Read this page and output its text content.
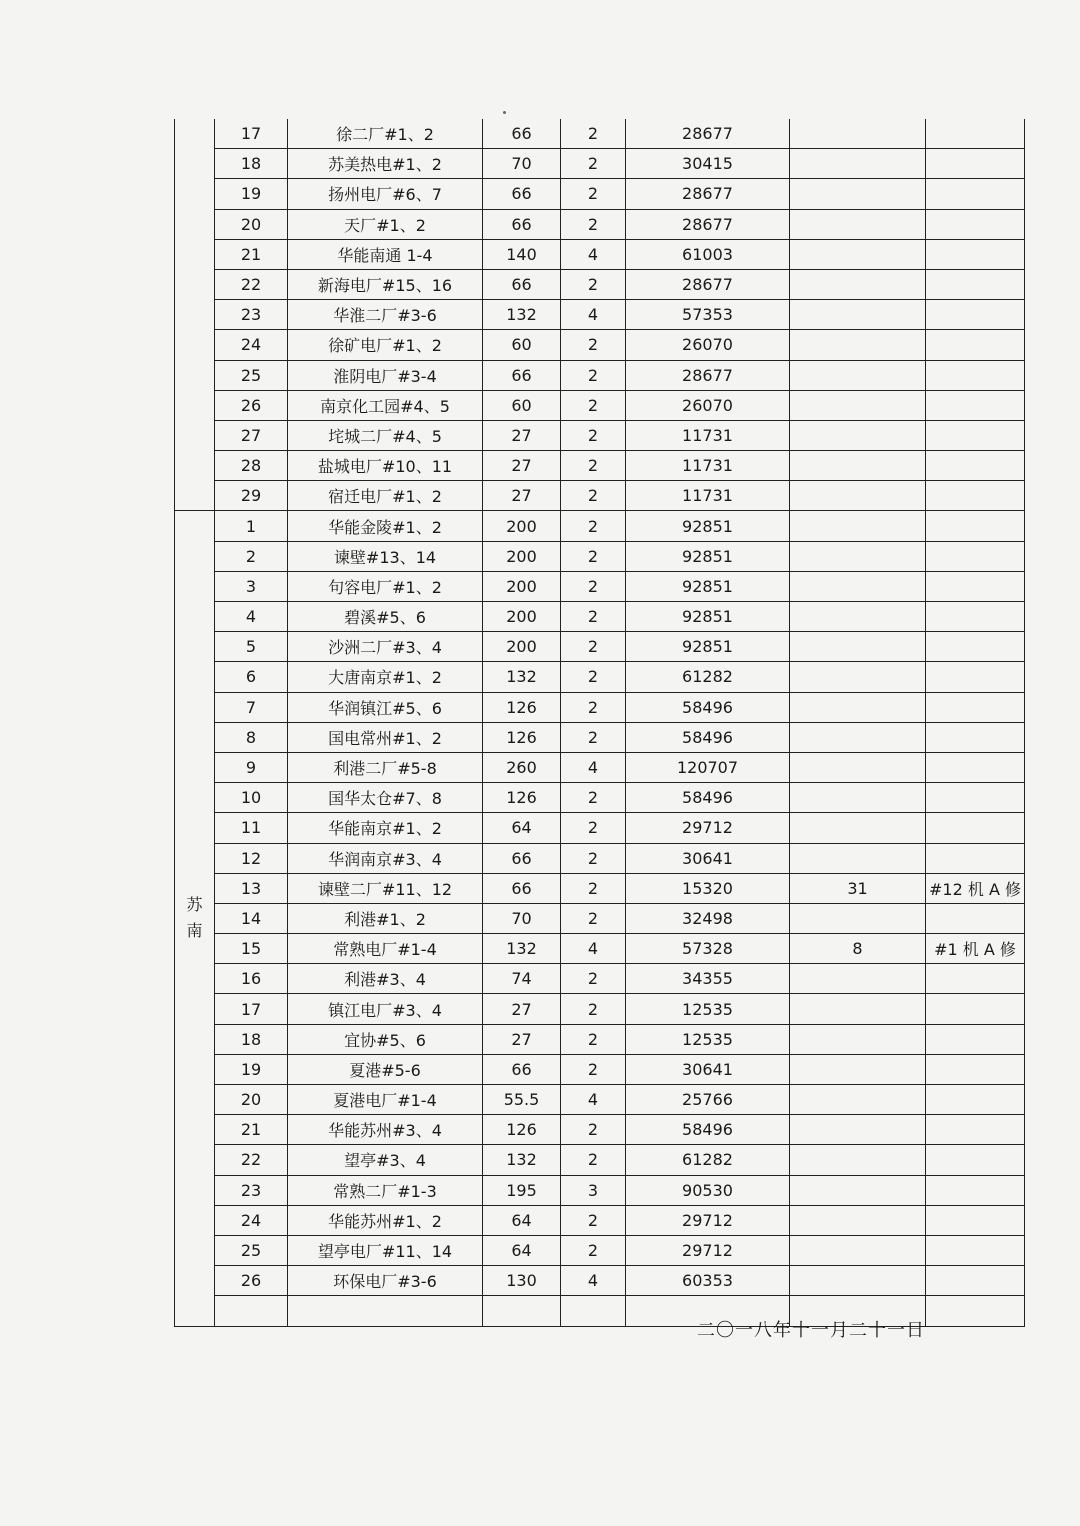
	17	徐二厂#1、2	66	2	28677		
	18	苏美热电#1、2	70	2	30415		
	19	扬州电厂#6、7	66	2	28677		
	20	天厂#1、2	66	2	28677		
	21	华能南通 1-4	140	4	61003		
	22	新海电厂#15、16	66	2	28677		
	23	华淮二厂#3-6	132	4	57353		
	24	徐矿电厂#1、2	60	2	26070		
	25	淮阴电厂#3-4	66	2	28677		
	26	南京化工园#4、5	60	2	26070		
	27	垞城二厂#4、5	27	2	11731		
	28	盐城电厂#10、11	27	2	11731		
	29	宿迁电厂#1、2	27	2	11731		

苏
南	1	华能金陵#1、2	200	2	92851		
	2	谏壁#13、14	200	2	92851		
	3	句容电厂#1、2	200	2	92851		
	4	碧溪#5、6	200	2	92851		
	5	沙洲二厂#3、4	200	2	92851		
	6	大唐南京#1、2	132	2	61282		
	7	华润镇江#5、6	126	2	58496		
	8	国电常州#1、2	126	2	58496		
	9	利港二厂#5-8	260	4	120707		
	10	国华太仓#7、8	126	2	58496		
	11	华能南京#1、2	64	2	29712		
	12	华润南京#3、4	66	2	30641		
	13	谏壁二厂#11、12	66	2	15320	31	#12 机 A 修
	14	利港#1、2	70	2	32498		
	15	常熟电厂#1-4	132	4	57328	8	#1 机 A 修
	16	利港#3、4	74	2	34355		
	17	镇江电厂#3、4	27	2	12535		
	18	宜协#5、6	27	2	12535		
	19	夏港#5-6	66	2	30641		
	20	夏港电厂#1-4	55.5	4	25766		
	21	华能苏州#3、4	126	2	58496		
	22	望亭#3、4	132	2	61282		
	23	常熟二厂#1-3	195	3	90530		
	24	华能苏州#1、2	64	2	29712		
	25	望亭电厂#11、14	64	2	29712		
	26	环保电厂#3-6	130	4	60353		

二〇一八年十一月二十一日
